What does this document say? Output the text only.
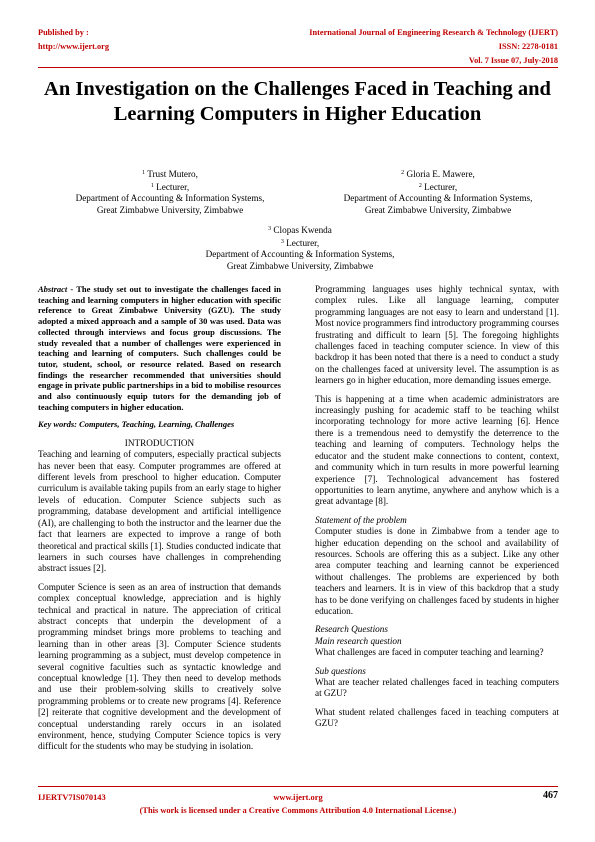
Published by :
http://www.ijert.org
International Journal of Engineering Research & Technology (IJERT)
ISSN: 2278-0181
Vol. 7 Issue 07, July-2018
An Investigation on the Challenges Faced in Teaching and Learning Computers in Higher Education
$^1$ Trust Mutero,
$^1$ Lecturer,
Department of Accounting & Information Systems,
Great Zimbabwe University, Zimbabwe
$^2$ Gloria E. Mawere,
$^2$ Lecturer,
Department of Accounting & Information Systems,
Great Zimbabwe University, Zimbabwe
$^3$ Clopas Kwenda
$^3$ Lecturer,
Department of Accounting & Information Systems,
Great Zimbabwe University, Zimbabwe

Abstract - The study set out to investigate the challenges faced in teaching and learning computers in higher education with specific reference to Great Zimbabwe University (GZU). The study adopted a mixed approach and a sample of 30 was used. Data was collected through interviews and focus group discussions. The study revealed that a number of challenges were experienced in teaching and learning of computers. Such challenges could be tutor, student, school, or resource related. Based on research findings the researcher recommended that universities should engage in private public partnerships in a bid to mobilise resources and also continuously equip tutors for the demanding job of teaching computers in higher education.

Key words: Computers, Teaching, Learning, Challenges

INTRODUCTION

Teaching and learning of computers, especially practical subjects has never been that easy. Computer programmes are offered at different levels from preschool to higher education. Computer curriculum is available taking pupils from an early stage to higher levels of education. Computer Science subjects such as programming, database development and artificial intelligence (AI), are challenging to both the instructor and the learner due the fact that learners are expected to improve a range of both theoretical and practical skills [1]. Studies conducted indicate that learners in such courses have challenges in comprehending abstract issues [2].

Computer Science is seen as an area of instruction that demands complex conceptual knowledge, appreciation and is highly technical and practical in nature. The appreciation of critical abstract concepts that underpin the development of a programming mindset brings more problems to teaching and learning than in other areas [3]. Computer Science students learning programming as a subject, must develop competence in several cognitive faculties such as syntactic knowledge and conceptual knowledge [1]. They then need to develop methods and use their problem-solving skills to creatively solve programming problems or to create new programs [4]. Reference [2] reiterate that cognitive development and the development of conceptual understanding rarely occurs in an isolated environment, hence, studying Computer Science topics is very difficult for the students who may be studying in isolation.

Programming languages uses highly technical syntax, with complex rules. Like all language learning, computer programming languages are not easy to learn and understand [1]. Most novice programmers find introductory programming courses frustrating and difficult to learn [5]. The foregoing highlights challenges faced in teaching computer science. In view of this backdrop it has been noted that there is a need to conduct a study on the challenges faced at university level. The assumption is as learners go in higher education, more demanding issues emerge.

This is happening at a time when academic administrators are increasingly pushing for academic staff to be teaching whilst incorporating technology for more active learning [6]. Hence there is a tremendous need to demystify the deterrence to the teaching and learning of computers. Technology helps the educator and the student make connections to content, context, and community which in turn results in more powerful learning experience [7]. Technological advancement has fostered opportunities to learn anytime, anywhere and anyhow which is a great advantage [8].

Statement of the problem

Computer studies is done in Zimbabwe from a tender age to higher education depending on the school and availability of resources. Schools are offering this as a subject. Like any other area computer teaching and learning cannot be experienced without challenges. The problems are experienced by both teachers and learners. It is in view of this backdrop that a study has to be done verifying on challenges faced by students in higher education.

Research Questions
Main research question

What challenges are faced in computer teaching and learning?

Sub questions

What are teacher related challenges faced in teaching computers at GZU?

What student related challenges faced in teaching computers at GZU?

IJERTV7IS070143	www.ijert.org	467
(This work is licensed under a Creative Commons Attribution 4.0 International License.)
